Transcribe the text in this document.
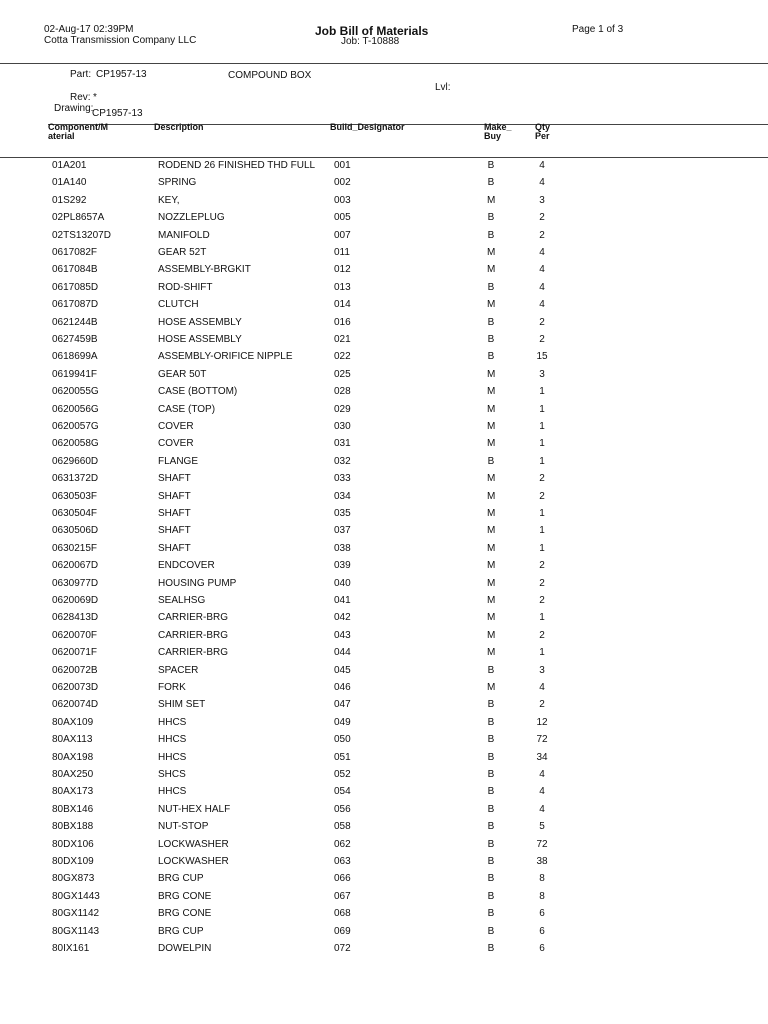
02-Aug-17 02:39PM
Cotta Transmission Company LLC
Job Bill of Materials
Job: T-10888
Page 1 of 3
Part: CP1957-13	COMPOUND BOX
Lvl:
Rev: *
Drawing:
CP1957-13
Component/M
aterial
Description	Build_Designator	Make_
Buy
Qty
Per
01A201	RODEND 26 FINISHED THD FULL 001	B	4
01A140	SPRING	002	B	4
01S292	KEY,	003	M	3
02PL8657A	NOZZLEPLUG	005	B	2
02TS13207D	MANIFOLD	007	B	2
0617082F	GEAR 52T	011	M	4
0617084B	ASSEMBLY-BRGKIT	012	M	4
0617085D	ROD-SHIFT	013	B	4
0617087D	CLUTCH	014	M	4
0621244B	HOSE ASSEMBLY	016	B	2
0627459B	HOSE ASSEMBLY	021	B	2
0618699A	ASSEMBLY-ORIFICE NIPPLE	022	B	15
0619941F	GEAR 50T	025	M	3
0620055G	CASE (BOTTOM)	028	M	1
0620056G	CASE (TOP)	029	M	1
0620057G	COVER	030	M	1
0620058G	COVER	031	M	1
0629660D	FLANGE	032	B	1
0631372D	SHAFT	033	M	2
0630503F	SHAFT	034	M	2
0630504F	SHAFT	035	M	1
0630506D	SHAFT	037	M	1
0630215F	SHAFT	038	M	1
0620067D	ENDCOVER	039	M	2
0630977D	HOUSING PUMP	040	M	2
0620069D	SEALHSG	041	M	2
0628413D	CARRIER-BRG	042	M	1
0620070F	CARRIER-BRG	043	M	2
0620071F	CARRIER-BRG	044	M	1
0620072B	SPACER	045	B	3
0620073D	FORK	046	M	4
0620074D	SHIM SET	047	B	2
80AX109	HHCS	049	B	12
80AX113	HHCS	050	B	72
80AX198	HHCS	051	B	34
80AX250	SHCS	052	B	4
80AX173	HHCS	054	B	4
80BX146	NUT-HEX HALF	056	B	4
80BX188	NUT-STOP	058	B	5
80DX106	LOCKWASHER	062	B	72
80DX109	LOCKWASHER	063	B	38
80GX873	BRG CUP	066	B	8
80GX1443	BRG CONE	067	B	8
80GX1142	BRG CONE	068	B	6
80GX1143	BRG CUP	069	B	6
80IX161	DOWELPIN	072	B	6
